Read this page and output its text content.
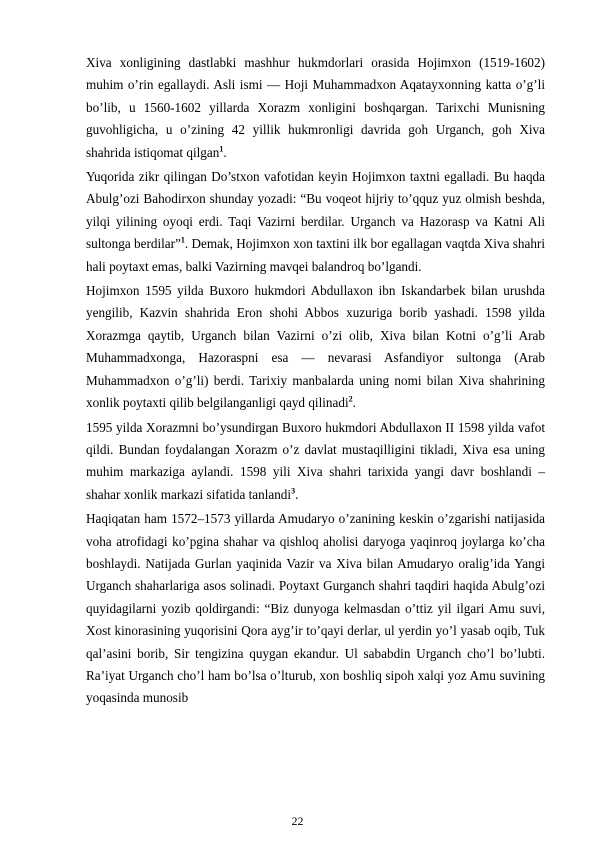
Xiva xonligining dastlabki mashhur hukmdorlari orasida Hojimxon (1519-1602) muhim o’rin egallaydi. Asli ismi — Hoji Muhammadxon Aqatayxonning katta o’g’li bo’lib, u 1560-1602 yillarda Xorazm xonligini boshqargan. Tarixchi Munisning guvohligicha, u o’zining 42 yillik hukmronligi davrida goh Urganch, goh Xiva shahrida istiqomat qilgan$^1$.

Yuqorida zikr qilingan Do’stxon vafotidan keyin Hojimxon taxtni egalladi. Bu haqda Abulg’ozi Bahodirxon shunday yozadi: “Bu voqeot hijriy to’qquz yuz olmish beshda, yilqi yilining oyoqi erdi. Taqi Vazirni berdilar. Urganch va Hazorasp va Katni Ali sultonga berdilar”$^1$. Demak, Hojimxon xon taxtini ilk bor egallagan vaqtda Xiva shahri hali poytaxt emas, balki Vazirning mavqei balandroq bo’lgandi.

Hojimxon 1595 yilda Buxoro hukmdori Abdullaxon ibn Iskandarbek bilan urushda yengilib, Kazvin shahrida Eron shohi Abbos xuzuriga borib yashadi. 1598 yilda Xorazmga qaytib, Urganch bilan Vazirni o’zi olib, Xiva bilan Kotni o’g’li Arab Muhammadxonga, Hazoraspni esa — nevarasi Asfandiyor sultonga (Arab Muhammadxon o’g’li) berdi. Tarixiy manbalarda uning nomi bilan Xiva shahrining xonlik poytaxti qilib belgilanganligi qayd qilinadi$^2$.

1595 yilda Xorazmni bo’ysundirgan Buxoro hukmdori Abdullaxon II 1598 yilda vafot qildi. Bundan foydalangan Xorazm o’z davlat mustaqilligini tikladi, Xiva esa uning muhim markaziga aylandi. 1598 yili Xiva shahri tarixida yangi davr boshlandi – shahar xonlik markazi sifatida tanlandi$^3$.

Haqiqatan ham 1572–1573 yillarda Amudaryo o’zanining keskin o’zgarishi natijasida voha atrofidagi ko’pgina shahar va qishloq aholisi daryoga yaqinroq joylarga ko’cha boshlaydi. Natijada Gurlan yaqinida Vazir va Xiva bilan Amudaryo oralig’ida Yangi Urganch shaharlariga asos solinadi. Poytaxt Gurganch shahri taqdiri haqida Abulg’ozi quyidagilarni yozib qoldirgandi: “Biz dunyoga kelmasdan o’ttiz yil ilgari Amu suvi, Xost kinorasining yuqorisini Qora ayg’ir to’qayi derlar, ul yerdin yo’l yasab oqib, Tuk qal’asini borib, Sir tengizina quygan ekandur. Ul sababdin Urganch cho’l bo’lubti. Ra’iyat Urganch cho’l ham bo’lsa o’lturub, xon boshliq sipoh xalqi yoz Amu suvining yoqasinda munosib

22
